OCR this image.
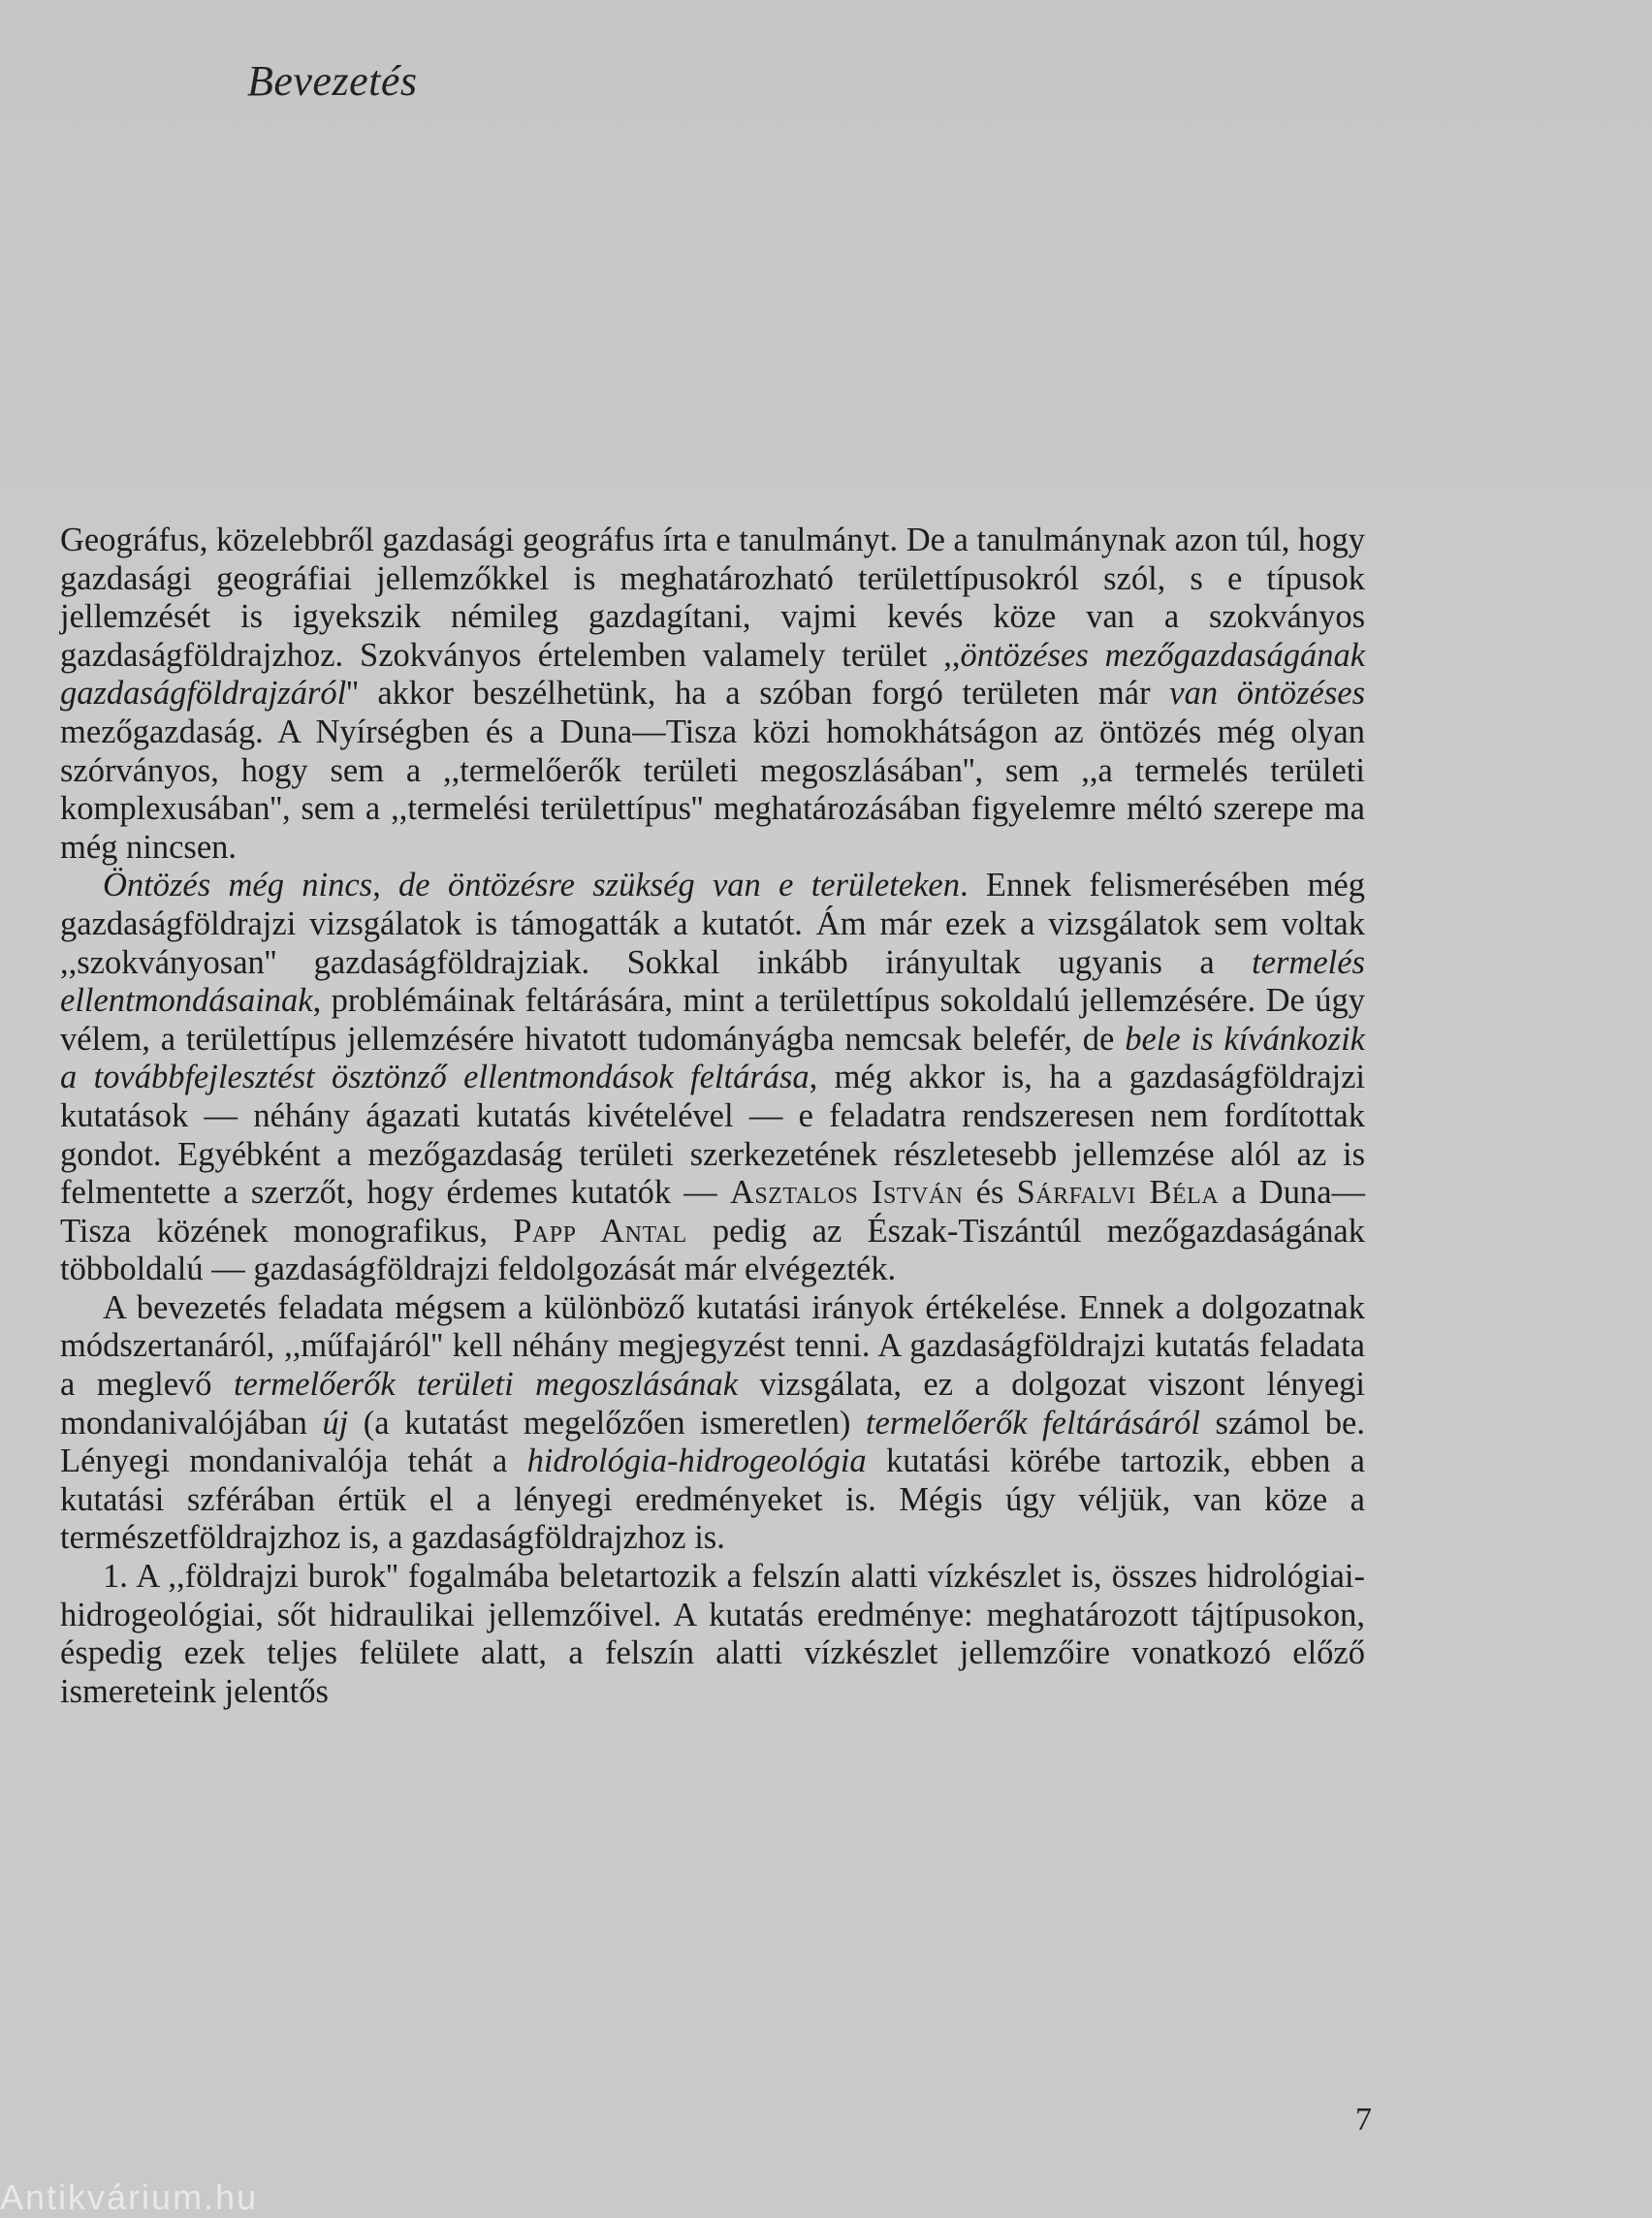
Bevezetés

Geográfus, közelebbről gazdasági geográfus írta e tanulmányt. De a tanulmánynak azon túl, hogy gazdasági geográfiai jellemzőkkel is meghatározható területtípusokról szól, s e típusok jellemzését is igyekszik némileg gazdagítani, vajmi kevés köze van a szokványos gazdaságföldrajzhoz. Szokványos értelemben valamely terület ,,öntözéses mezőgazdaságának gazdaságföldrajzáról'' akkor beszélhetünk, ha a szóban forgó területen már van öntözéses mezőgazdaság. A Nyírségben és a Duna—Tisza közi homokhátságon az öntözés még olyan szórványos, hogy sem a ,,termelőerők területi megoszlásában'', sem ,,a termelés területi komplexusában'', sem a ,,termelési területtípus'' meghatározásában figyelemre méltó szerepe ma még nincsen.

Öntözés még nincs, de öntözésre szükség van e területeken. Ennek felismerésében még gazdaságföldrajzi vizsgálatok is támogatták a kutatót. Ám már ezek a vizsgálatok sem voltak ,,szokványosan'' gazdaságföldrajziak. Sokkal inkább irányultak ugyanis a termelés ellentmondásainak, problémáinak feltárására, mint a területtípus sokoldalú jellemzésére. De úgy vélem, a területtípus jellemzésére hivatott tudományágba nemcsak belefér, de bele is kívánkozik a továbbfejlesztést ösztönző ellentmondások feltárása, még akkor is, ha a gazdaságföldrajzi kutatások — néhány ágazati kutatás kivételével — e feladatra rendszeresen nem fordítottak gondot. Egyébként a mezőgazdaság területi szerkezetének részletesebb jellemzése alól az is felmentette a szerzőt, hogy érdemes kutatók — Asztalos István és Sárfalvi Béla a Duna—Tisza közének monografikus, Papp Antal pedig az Észak-Tiszántúl mezőgazdaságának többoldalú — gazdaságföldrajzi feldolgozását már elvégezték.

A bevezetés feladata mégsem a különböző kutatási irányok értékelése. Ennek a dolgozatnak módszertanáról, ,,műfajáról'' kell néhány megjegyzést tenni. A gazdaságföldrajzi kutatás feladata a meglevő termelőerők területi megoszlásának vizsgálata, ez a dolgozat viszont lényegi mondanivalójában új (a kutatást megelőzően ismeretlen) termelőerők feltárásáról számol be. Lényegi mondanivalója tehát a hidrológia-hidrogeológia kutatási körébe tartozik, ebben a kutatási szférában értük el a lényegi eredményeket is. Mégis úgy véljük, van köze a természetföldrajzhoz is, a gazdaságföldrajzhoz is.

1. A ,,földrajzi burok'' fogalmába beletartozik a felszín alatti vízkészlet is, összes hidrológiai-hidrogeológiai, sőt hidraulikai jellemzőivel. A kutatás eredménye: meghatározott tájtípusokon, éspedig ezek teljes felülete alatt, a felszín alatti vízkészlet jellemzőire vonatkozó előző ismereteink jelentős

7
Antikvárium.hu
